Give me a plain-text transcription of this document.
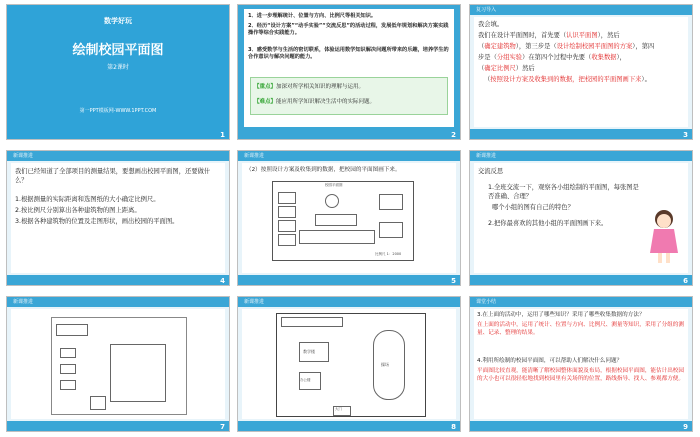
数学好玩
绘制校园平面图
第2课时
第一PPT模板网-WWW.1PPT.COM
1
1．进一步理解统计、位置与方向、比例尺等相关知识。
2．经历“设计方案”“动手实验”“交流反思”的活动过程，发展低年规划和解决方案实践操作等综合实践能力。
3．感受数学与生活的密切联系，体验运用数学知识解决问题所带来的乐趣，培养学生的合作意识与解决问题的能力。
【重点】加深对所学相关知识的理解与运用。
【难点】能应用所学知识解决生活中的实际问题。
2
复习导入
我会填。
我们在设计平面图时，首先要（认识平面图），然后
（确定建筑物），第三步是（设计绘制校园平面图的方案），第四
步是（分组实验）在第四个过程中先要（收集数据），
（确定比例尺）然后
（按照设计方案及收集到的数据，把校园的平面图画下来）。
3
新课推进
我们已经知道了全部项目的测量结果，要想画出校园平面图，还要做什么？
1.根据测量的实际距离和选图纸的大小确定比例尺。
2.按比例尺分别算出各种建筑物的图上距离。
3.根据各种建筑物的位置及走图形状，画出校园的平面图。
4
新课推进
（2）按照设计方案及收集到的数据，把校园的平面图画下来。
校园平面图
比例尺 1：2000
5
新课推进
交流反思
1.全班交流一下，观察各小组绘制的平面图，每张图是否准确、合理？
哪个小组的图有自己的特色？
2.把你最喜欢的其他小组的平面图画下来。
6
新课推进
7
新课推进
教学楼
操场
办公楼
大门
8
课堂小结
3.在上面的活动中，运用了哪些知识？采用了哪些收集数据的方法？
在上面的活动中，运用了统计、位置与方向、比例尺、测量等知识，采用了分组的测量、记录、整理的结果。
4.利用所绘制的校园平面图，可以帮助人们解决什么问题？
平面图比较直观，能清晰了解校园整体面貌及布局，根据校园平面图，能估计出校园的大小也可以很轻松地找到校园里有关场所的位置，路线指导、找人、参观都方便。
9
